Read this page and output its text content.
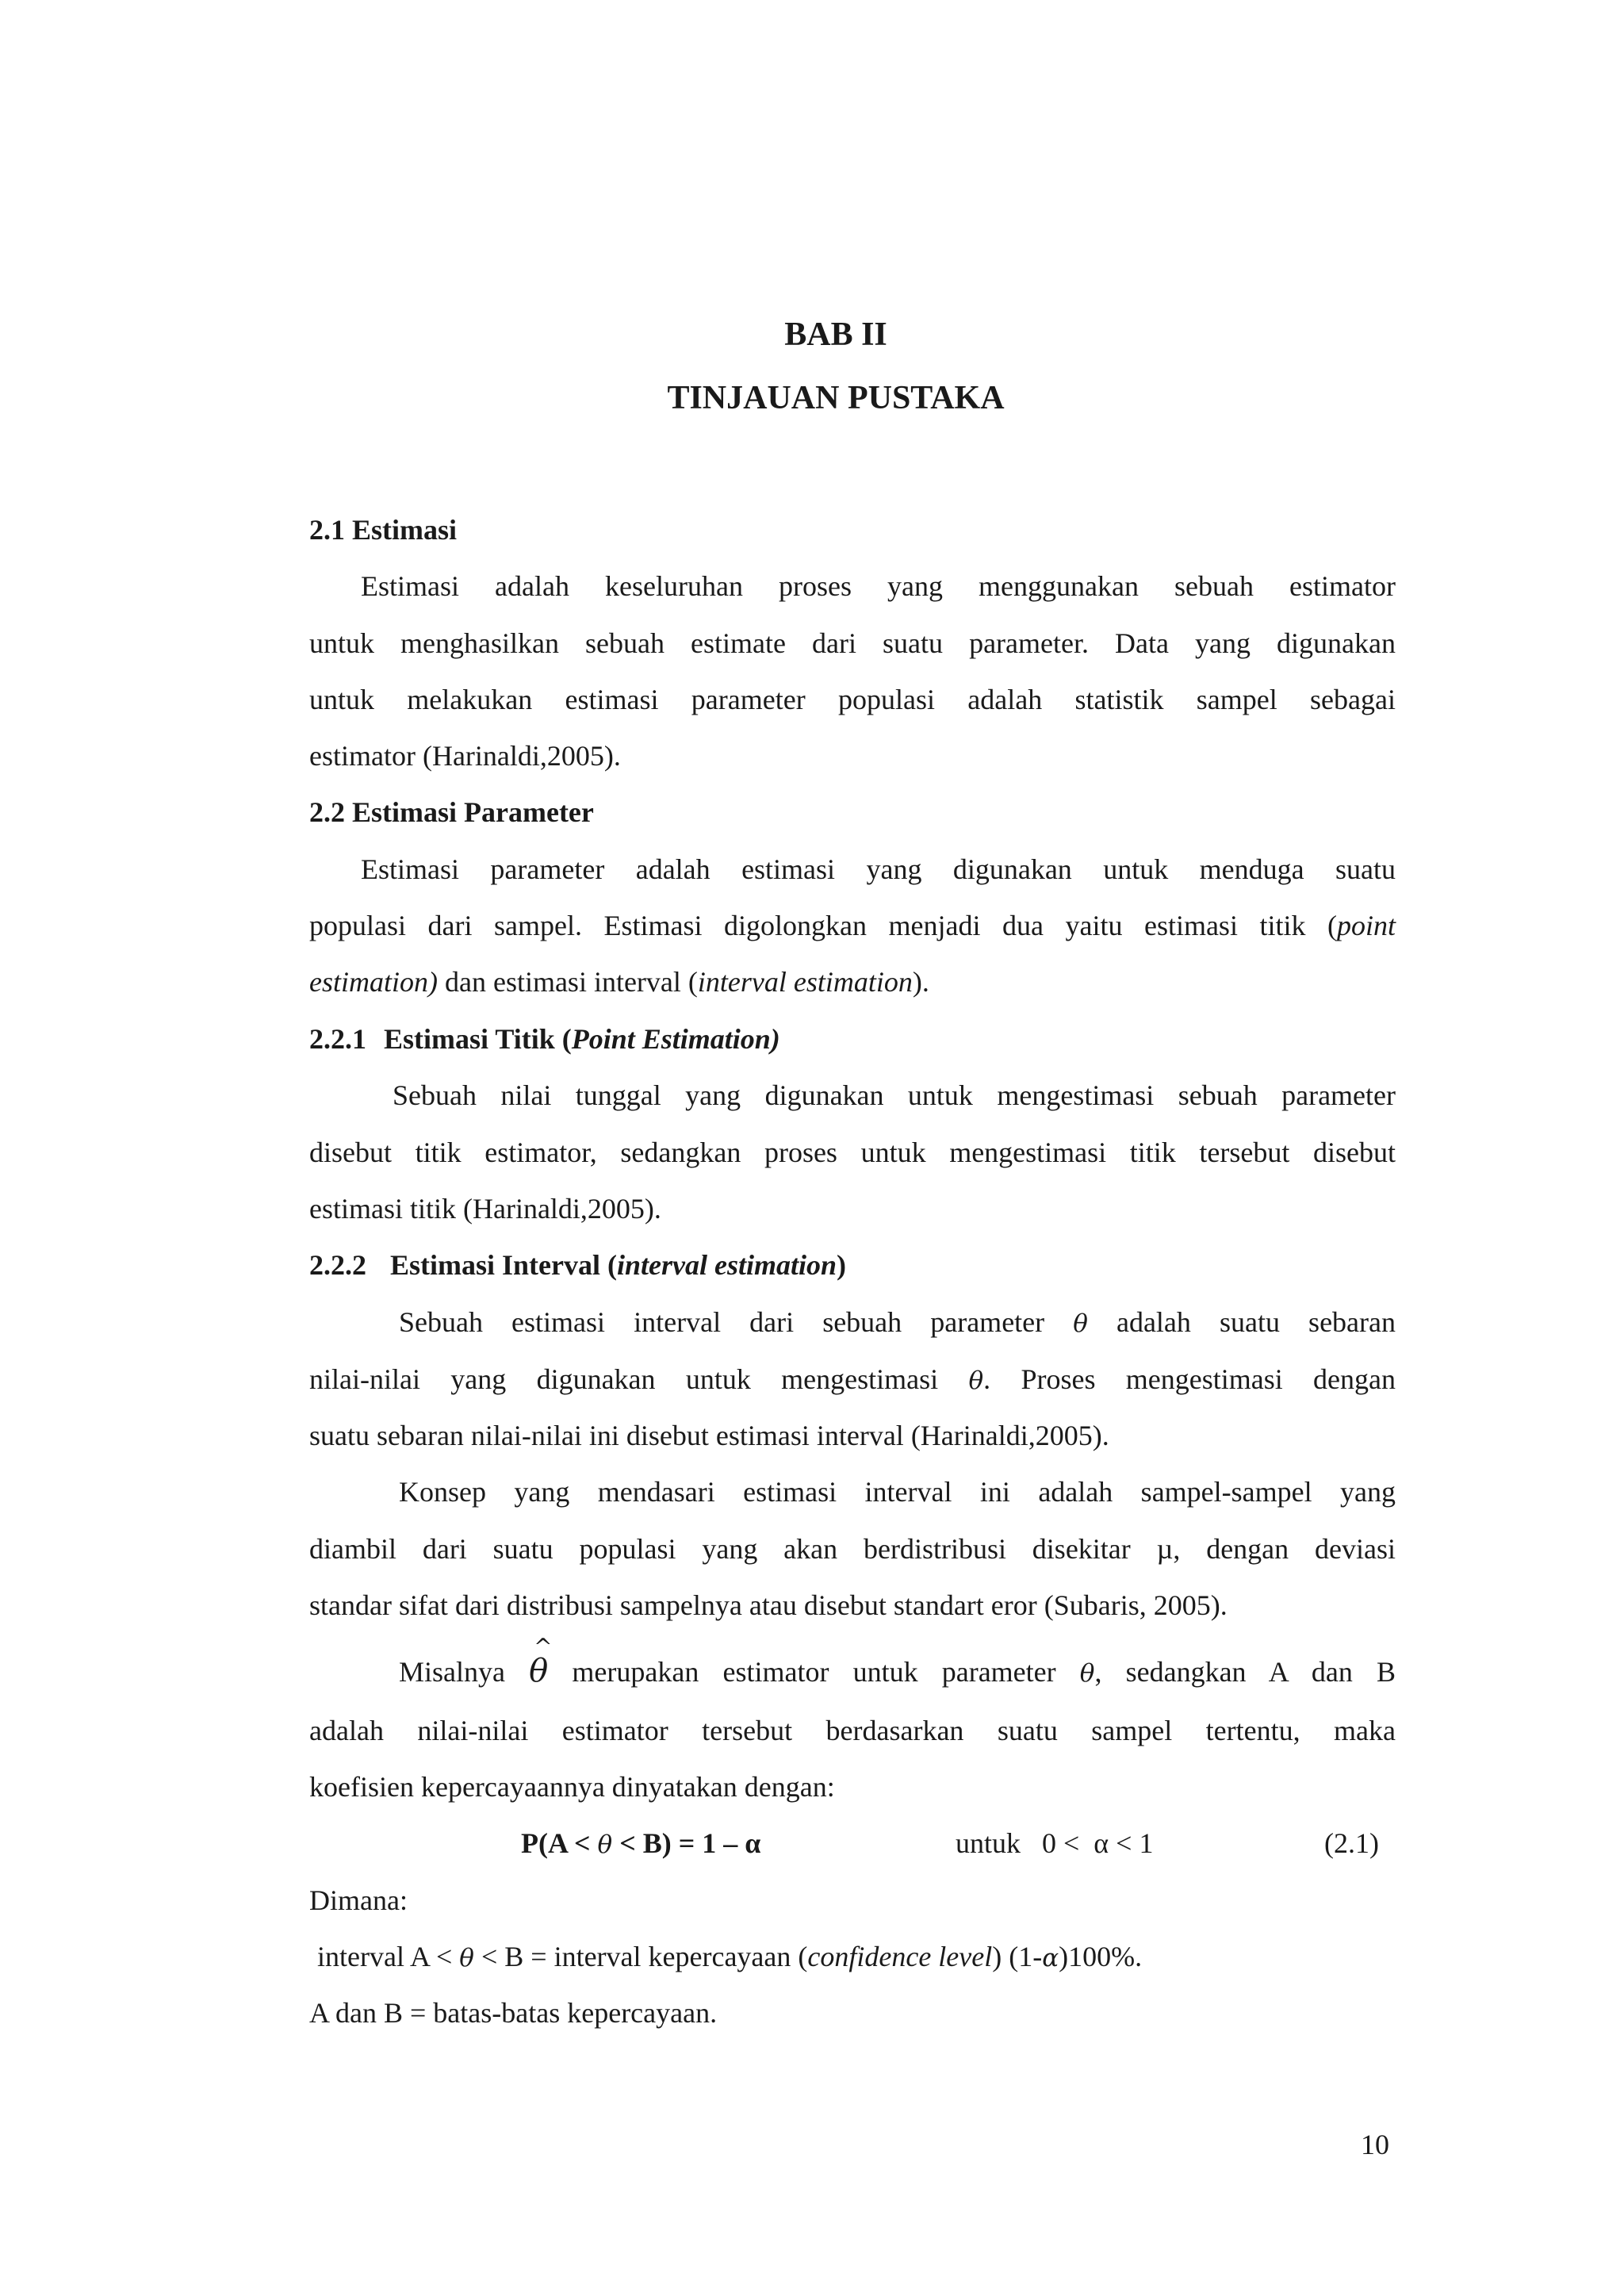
BAB II
TINJAUAN PUSTAKA
2.1 Estimasi
Estimasi adalah keseluruhan proses yang menggunakan sebuah estimator
untuk menghasilkan sebuah estimate dari suatu parameter. Data yang digunakan
untuk melakukan estimasi parameter populasi adalah statistik sampel sebagai
estimator (Harinaldi,2005).
2.2 Estimasi Parameter
Estimasi parameter adalah estimasi yang digunakan untuk menduga suatu
populasi dari sampel. Estimasi digolongkan menjadi dua yaitu estimasi titik (point
estimation) dan estimasi interval (interval estimation).
2.2.1 Estimasi Titik (Point Estimation)
Sebuah nilai tunggal yang digunakan untuk mengestimasi sebuah parameter
disebut titik estimator, sedangkan proses untuk mengestimasi titik tersebut disebut
estimasi titik (Harinaldi,2005).
2.2.2 Estimasi Interval (interval estimation)
Sebuah estimasi interval dari sebuah parameter θ adalah suatu sebaran
nilai-nilai yang digunakan untuk mengestimasi θ. Proses mengestimasi dengan
suatu sebaran nilai-nilai ini disebut estimasi interval (Harinaldi,2005).
Konsep yang mendasari estimasi interval ini adalah sampel-sampel yang
diambil dari suatu populasi yang akan berdistribusi disekitar µ, dengan deviasi
standar sifat dari distribusi sampelnya atau disebut standart eror (Subaris, 2005).
Misalnya ^ θ merupakan estimator untuk parameter θ, sedangkan A dan B
adalah nilai-nilai estimator tersebut berdasarkan suatu sampel tertentu, maka
koefisien kepercayaannya dinyatakan dengan:
P(A < θ < B) = 1 – α	untuk   0 <  α < 1	(2.1)
Dimana:
interval A < θ < B = interval kepercayaan (confidence level) (1-α)100%.
A dan B = batas-batas kepercayaan.
10
